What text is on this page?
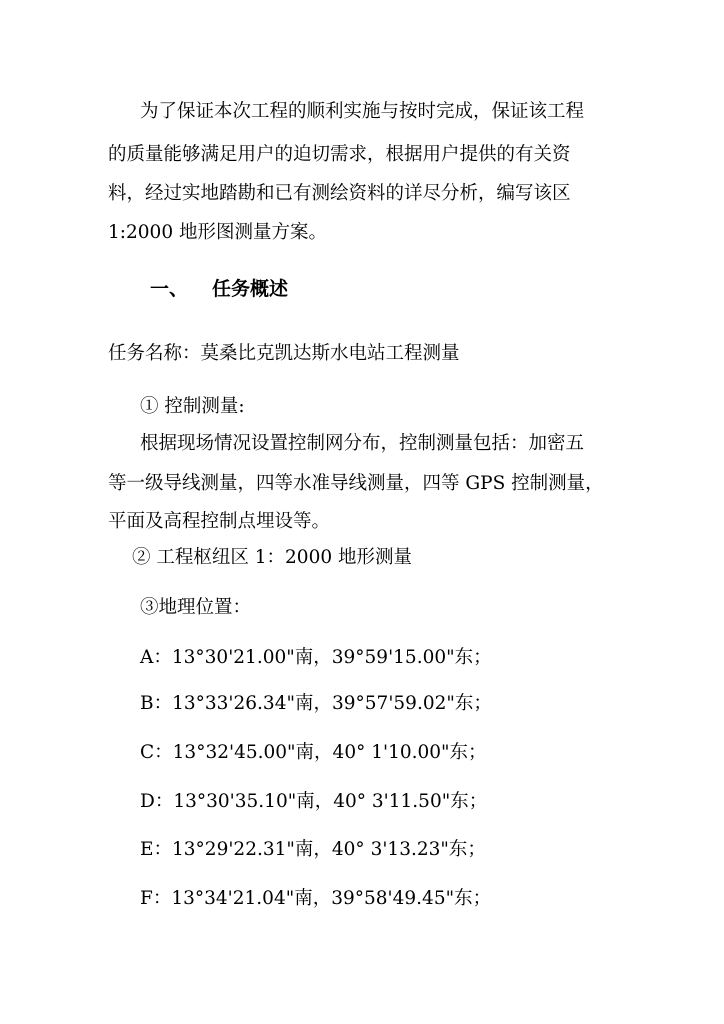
为了保证本次工程的顺利实施与按时完成，保证该工程
的质量能够满足用户的迫切需求，根据用户提供的有关资
料，经过实地踏勘和已有测绘资料的详尽分析，编写该区
1:2000 地形图测量方案。
一、 任务概述
任务名称：莫桑比克凯达斯水电站工程测量
① 控制测量:
根据现场情况设置控制网分布，控制测量包括：加密五
等一级导线测量，四等水准导线测量，四等 GPS 控制测量，
平面及高程控制点埋设等。
② 工程枢纽区 1：2000 地形测量
③地理位置：
A：13°30'21.00"南，39°59'15.00"东；
B：13°33'26.34"南，39°57'59.02"东；
C：13°32'45.00"南，40° 1'10.00"东；
D：13°30'35.10"南，40° 3'11.50"东；
E：13°29'22.31"南，40° 3'13.23"东；
F：13°34'21.04"南，39°58'49.45"东；
